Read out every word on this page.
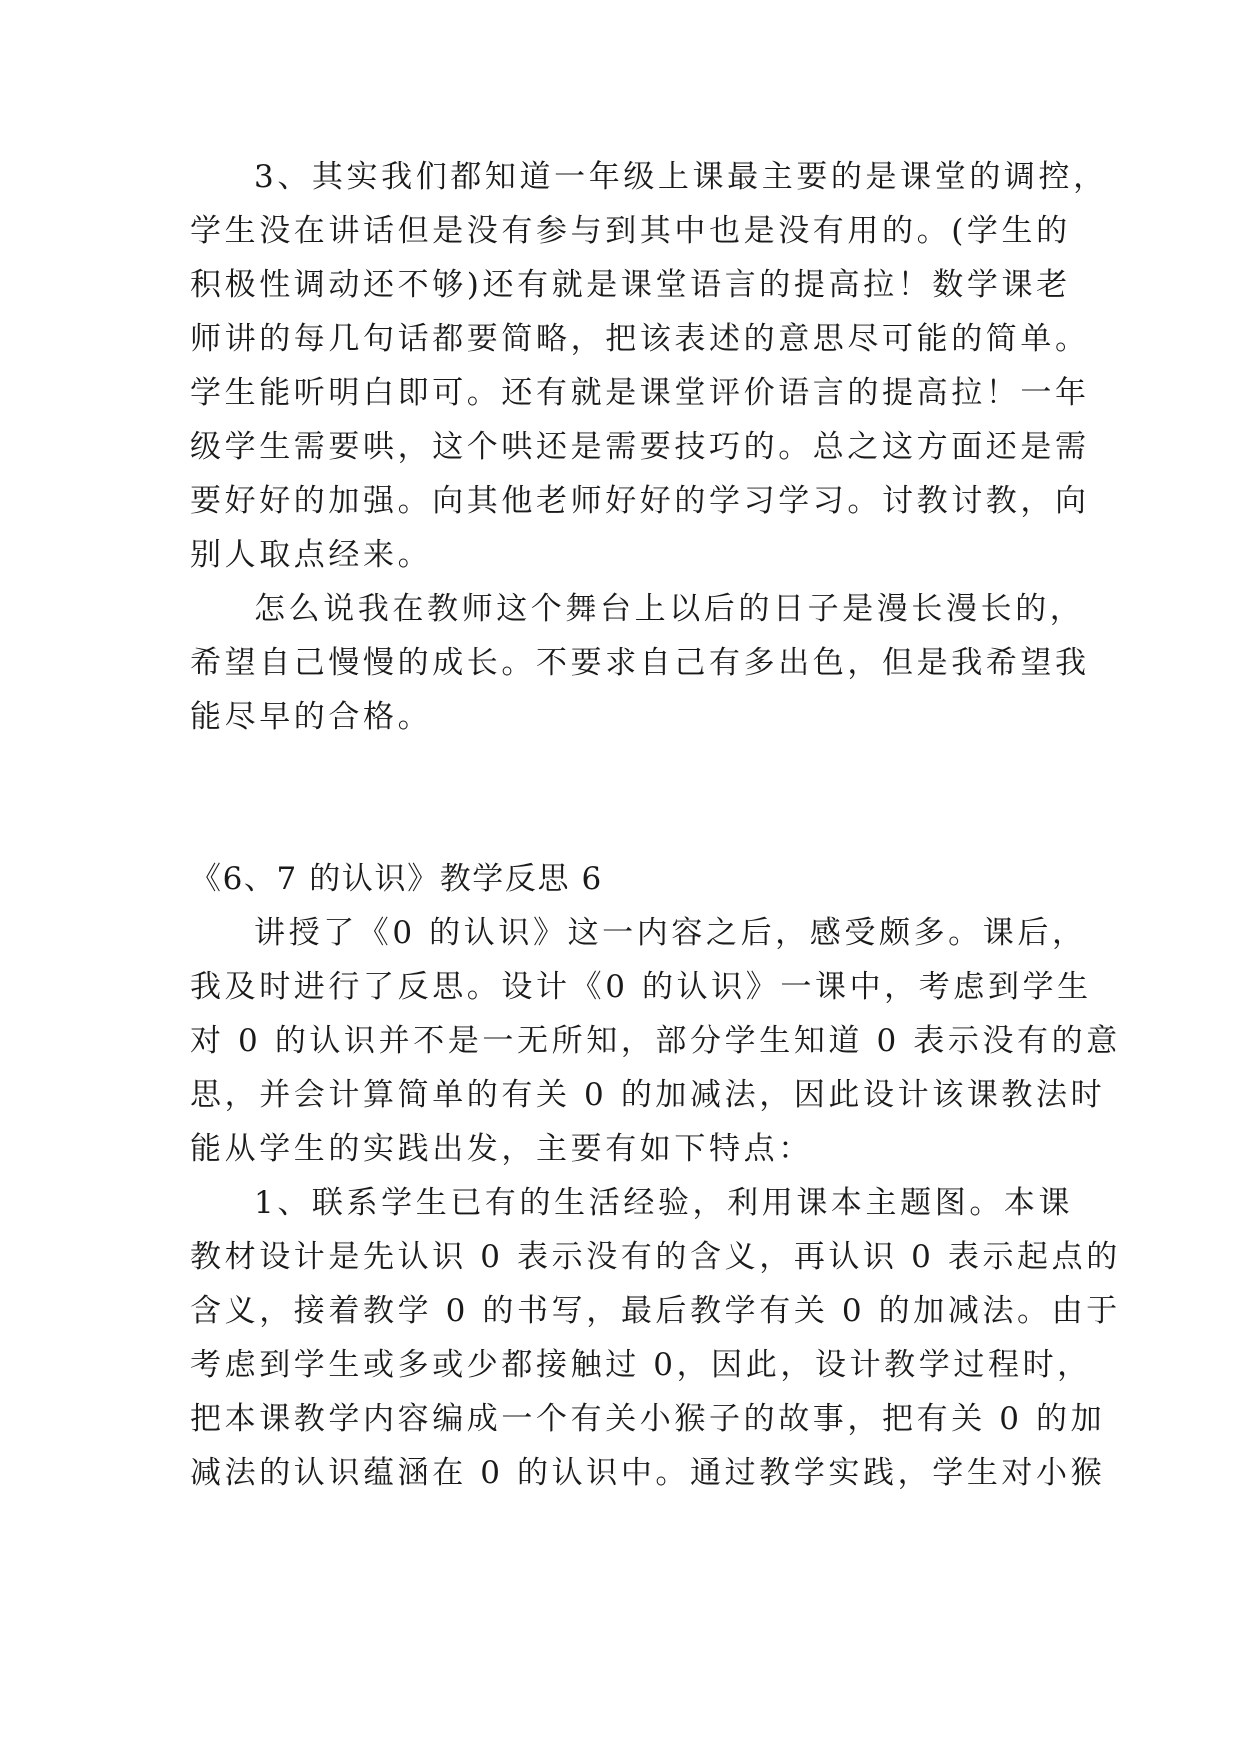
3、其实我们都知道一年级上课最主要的是课堂的调控，
学生没在讲话但是没有参与到其中也是没有用的。(学生的
积极性调动还不够)还有就是课堂语言的提高拉！数学课老
师讲的每几句话都要简略，把该表述的意思尽可能的简单。
学生能听明白即可。还有就是课堂评价语言的提高拉！一年
级学生需要哄，这个哄还是需要技巧的。总之这方面还是需
要好好的加强。向其他老师好好的学习学习。讨教讨教，向
别人取点经来。
怎么说我在教师这个舞台上以后的日子是漫长漫长的，
希望自己慢慢的成长。不要求自己有多出色，但是我希望我
能尽早的合格。
《6、7 的认识》教学反思 6
讲授了《0 的认识》这一内容之后，感受颇多。课后，
我及时进行了反思。设计《0 的认识》一课中，考虑到学生
对 0 的认识并不是一无所知，部分学生知道 0 表示没有的意
思，并会计算简单的有关 0 的加减法，因此设计该课教法时
能从学生的实践出发，主要有如下特点：
1、联系学生已有的生活经验，利用课本主题图。本课
教材设计是先认识 0 表示没有的含义，再认识 0 表示起点的
含义，接着教学 0 的书写，最后教学有关 0 的加减法。由于
考虑到学生或多或少都接触过 0，因此，设计教学过程时，
把本课教学内容编成一个有关小猴子的故事，把有关 0 的加
减法的认识蕴涵在 0 的认识中。通过教学实践，学生对小猴
